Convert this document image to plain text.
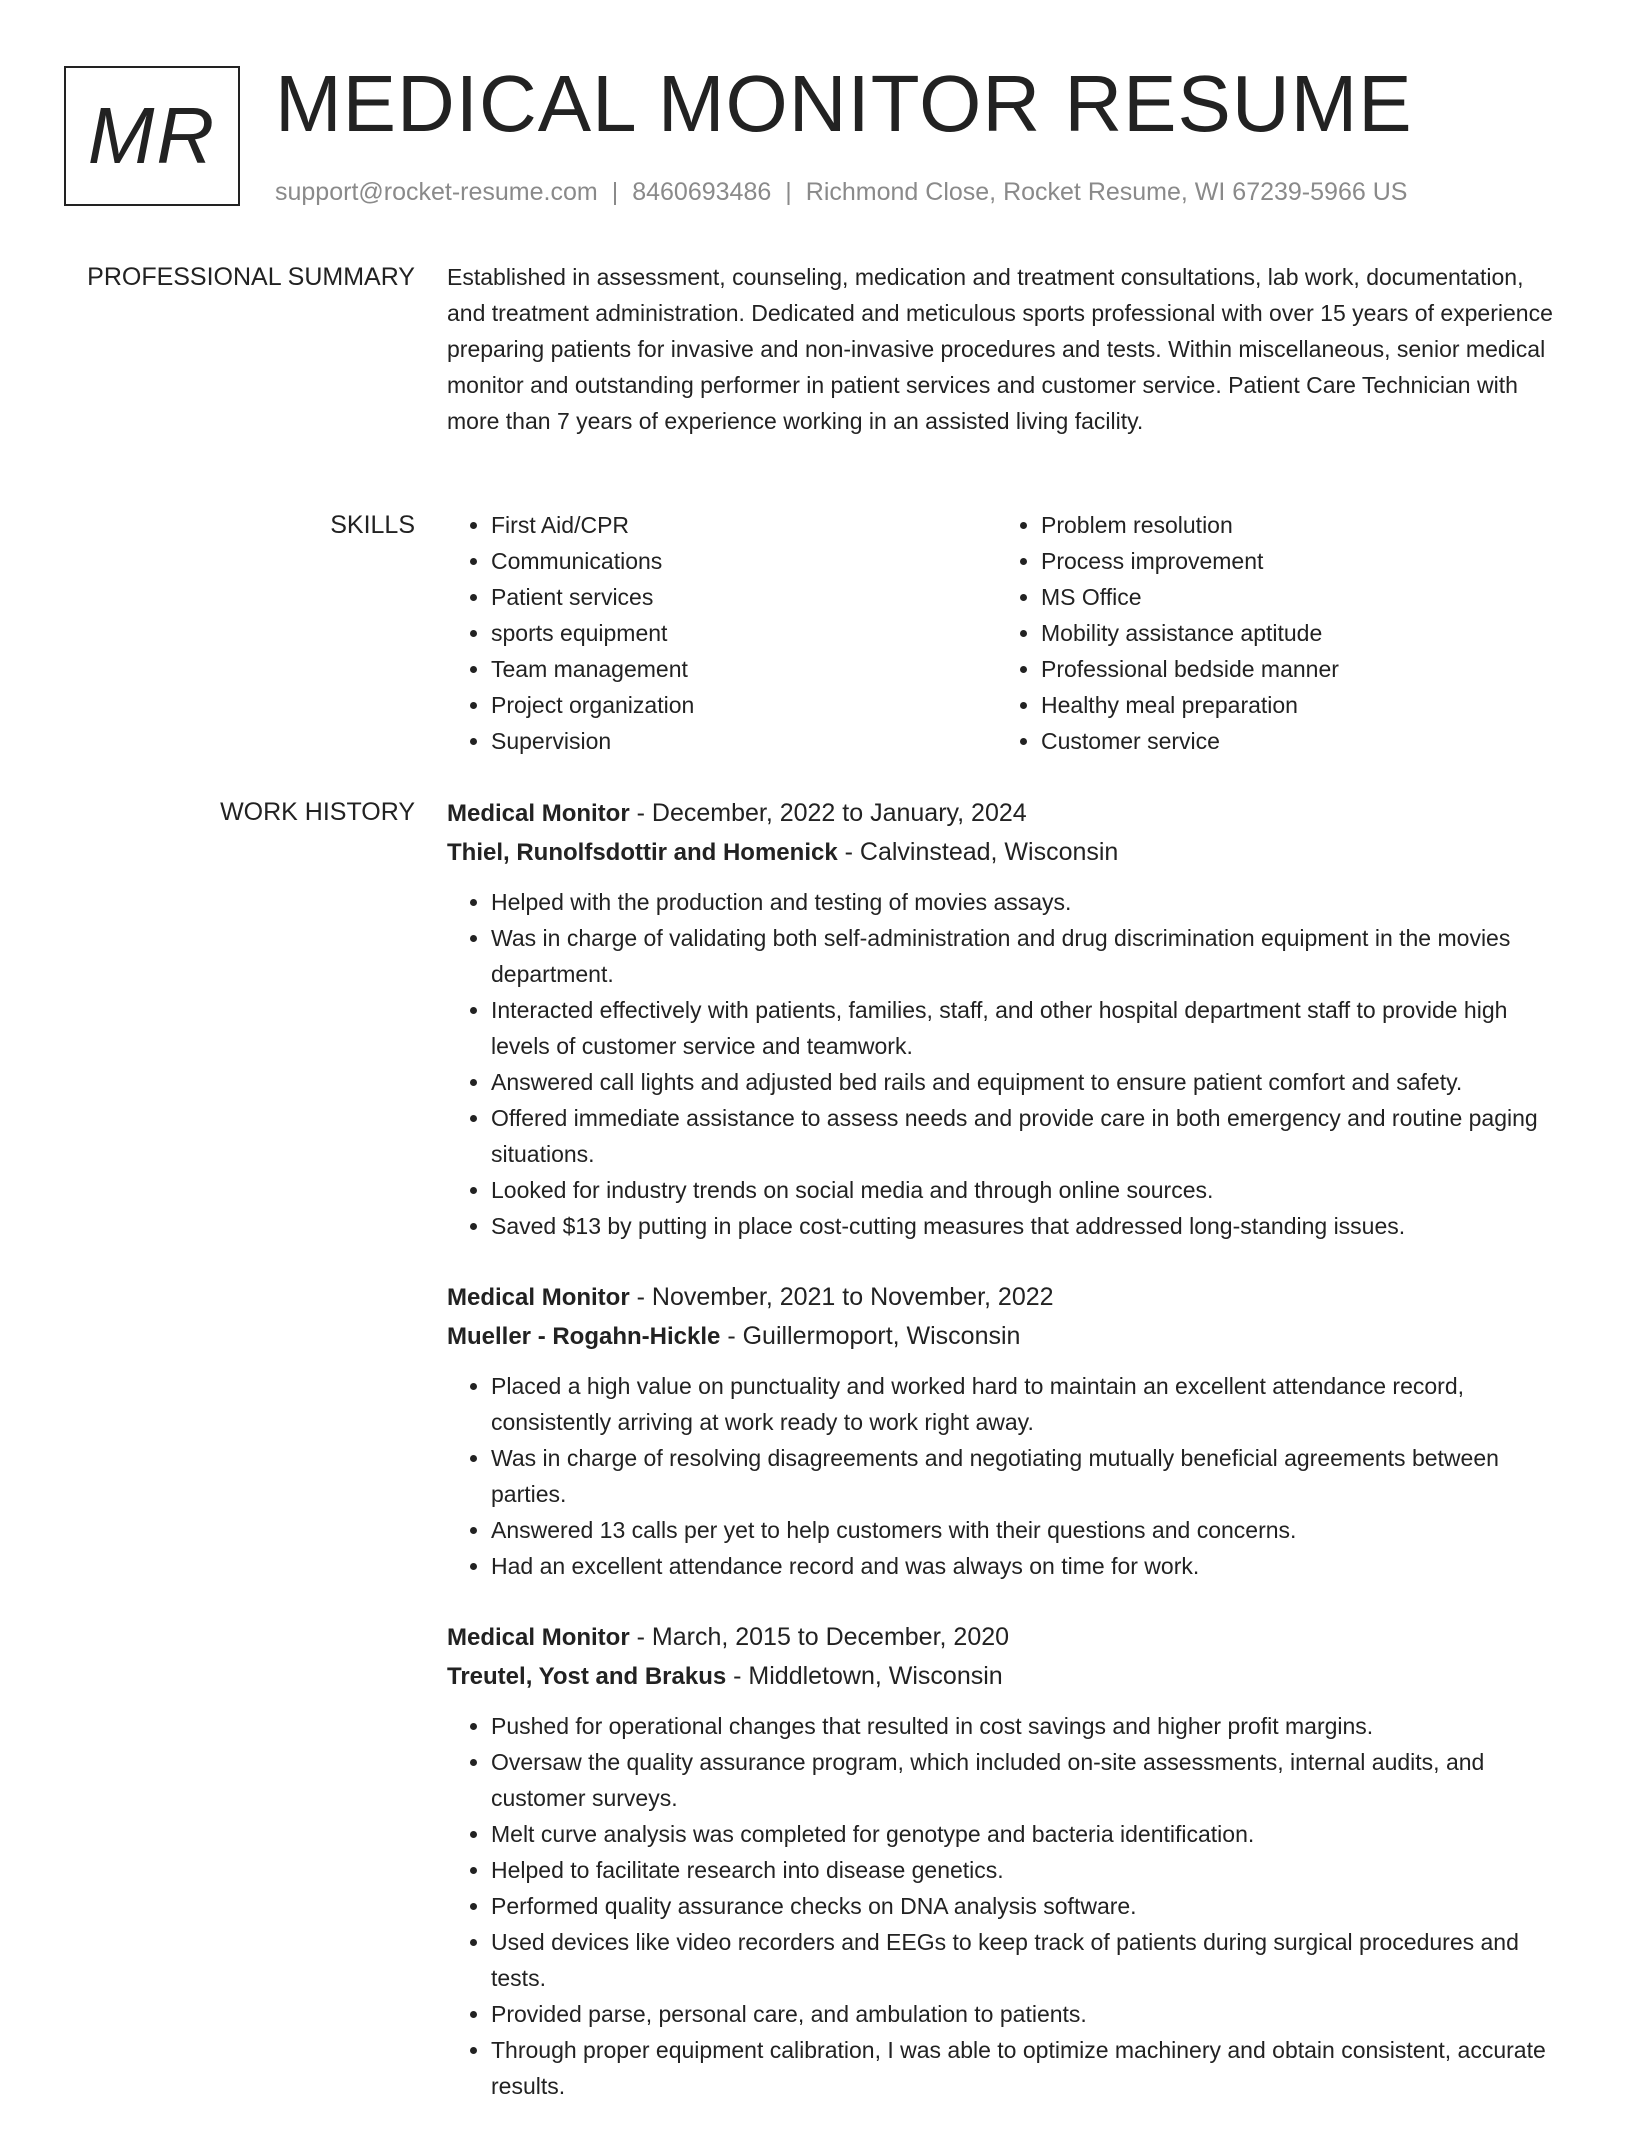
MR MEDICAL MONITOR RESUME
support@rocket-resume.com | 8460693486 | Richmond Close, Rocket Resume, WI 67239-5966 US
PROFESSIONAL SUMMARY Established in assessment, counseling, medication and treatment consultations, lab work, documentation, and treatment administration. Dedicated and meticulous sports professional with over 15 years of experience preparing patients for invasive and non-invasive procedures and tests. Within miscellaneous, senior medical monitor and outstanding performer in patient services and customer service. Patient Care Technician with more than 7 years of experience working in an assisted living facility.

SKILLS
•	First Aid/CPR
• Communications
• Patient services
• sports equipment
• Team management
• Project organization
• Supervision
• Problem resolution
• Process improvement
• MS Office
• Mobility assistance aptitude
• Professional bedside manner
• Healthy meal preparation
• Customer service
WORK HISTORY Medical Monitor - December, 2022 to January, 2024
Thiel, Runolfsdottir and Homenick - Calvinstead, Wisconsin
• Helped with the production and testing of movies assays.
• Was in charge of validating both self-administration and drug discrimination equipment in the movies department.
• Interacted effectively with patients, families, staff, and other hospital department staff to provide high levels of customer service and teamwork.
• Answered call lights and adjusted bed rails and equipment to ensure patient comfort and safety.
• Offered immediate assistance to assess needs and provide care in both emergency and routine paging situations.
• Looked for industry trends on social media and through online sources.
• Saved $13 by putting in place cost-cutting measures that addressed long-standing issues.
Medical Monitor - November, 2021 to November, 2022
Mueller - Rogahn-Hickle - Guillermoport, Wisconsin
• Placed a high value on punctuality and worked hard to maintain an excellent attendance record, consistently arriving at work ready to work right away.
• Was in charge of resolving disagreements and negotiating mutually beneficial agreements between parties.
• Answered 13 calls per yet to help customers with their questions and concerns.
• Had an excellent attendance record and was always on time for work.
Medical Monitor - March, 2015 to December, 2020
Treutel, Yost and Brakus - Middletown, Wisconsin
• Pushed for operational changes that resulted in cost savings and higher profit margins.
• Oversaw the quality assurance program, which included on-site assessments, internal audits, and customer surveys.
• Melt curve analysis was completed for genotype and bacteria identification.
• Helped to facilitate research into disease genetics.
• Performed quality assurance checks on DNA analysis software.
• Used devices like video recorders and EEGs to keep track of patients during surgical procedures and tests.
• Provided parse, personal care, and ambulation to patients.
• Through proper equipment calibration, I was able to optimize machinery and obtain consistent, accurate results.
